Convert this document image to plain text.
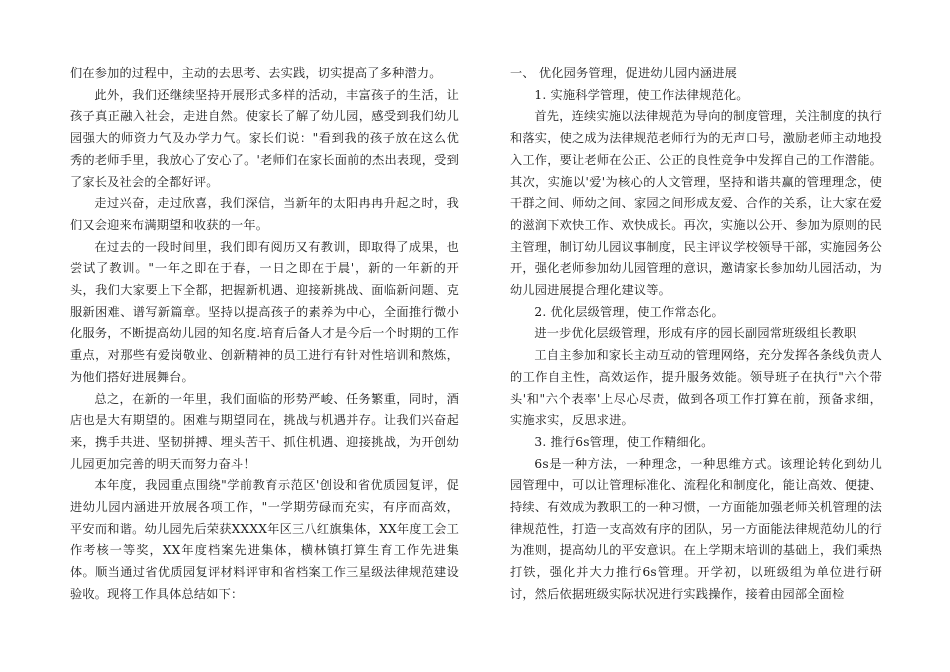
们在参加的过程中，主动的去思考、去实践，切实提高了多种潜力。

此外，我们还继续坚持开展形式多样的活动，丰富孩子的生活，让孩子真正融入社会，走进自然。使家长了解了幼儿园，感受到我们幼儿园强大的师资力气及办学力气。家长们说："看到我的孩子放在这么优秀的老师手里，我放心了安心了。'老师们在家长面前的杰出表现，受到了家长及社会的全都好评。

走过兴奋，走过欣喜，我们深信，当新年的太阳冉冉升起之时，我们又会迎来布满期望和收获的一年。

在过去的一段时间里，我们即有阅历又有教训，即取得了成果，也尝试了教训。"一年之即在于春，一日之即在于晨'，新的一年新的开头，我们大家要上下全都，把握新机遇、迎接新挑战、面临新问题、克服新困难、谱写新篇章。坚持以提高孩子的素养为中心，全面推行微小化服务，不断提高幼儿园的知名度.培育后备人才是今后一个时期的工作重点，对那些有爱岗敬业、创新精神的员工进行有针对性培训和熬炼，为他们搭好进展舞台。

总之，在新的一年里，我们面临的形势严峻、任务繁重，同时，酒店也是大有期望的。困难与期望同在，挑战与机遇并存。让我们兴奋起来，携手共进、坚韧拼搏、埋头苦干、抓住机遇、迎接挑战，为开创幼儿园更加完善的明天而努力奋斗！

本年度，我园重点围绕"学前教育示范区'创设和省优质园复评，促进幼儿园内涵进开放展各项工作，"一学期劳碌而充实，有序而高效，平安而和谐。幼儿园先后荣获XXXX年区三八红旗集体，XX年度工会工作考核一等奖，XX年度档案先进集体，横林镇打算生育工作先进集体。顺当通过省优质园复评材料评审和省档案工作三星级法律规范建设验收。现将工作具体总结如下：

一、 优化园务管理，促进幼儿园内涵进展

1. 实施科学管理，使工作法律规范化。

首先，连续实施以法律规范为导向的制度管理，关注制度的执行和落实，使之成为法律规范老师行为的无声口号，激励老师主动地投入工作，要让老师在公正、公正的良性竞争中发挥自己的工作潜能。其次，实施以'爱'为核心的人文管理，坚持和谐共赢的管理理念，使干群之间、师幼之间、家园之间形成友爱、合作的关系，让大家在爱的滋润下欢快工作、欢快成长。再次，实施以公开、参加为原则的民主管理，制订幼儿园议事制度，民主评议学校领导干部，实施园务公开，强化老师参加幼儿园管理的意识，邀请家长参加幼儿园活动，为幼儿园进展提合理化建议等。

2. 优化层级管理，使工作常态化。

进一步优化层级管理，形成有序的园长副园常班级组长教职

工自主参加和家长主动互动的管理网络，充分发挥各条线负责人的工作自主性，高效运作，提升服务效能。领导班子在执行"六个带头'和"六个表率'上尽心尽责，做到各项工作打算在前，预备求细，实施求实，反思求进。

3. 推行6s管理，使工作精细化。

6s是一种方法，一种理念，一种思维方式。该理论转化到幼儿园管理中，可以让管理标准化、流程化和制度化，能让高效、便捷、持续、有效成为教职工的一种习惯，一方面能加强老师关机管理的法律规范性，打造一支高效有序的团队，另一方面能法律规范幼儿的行为准则，提高幼儿的平安意识。在上学期末培训的基础上，我们乘热打铁，强化并大力推行6s管理。开学初，以班级组为单位进行研讨，然后依据班级实际状况进行实践操作，接着由园部全面检
